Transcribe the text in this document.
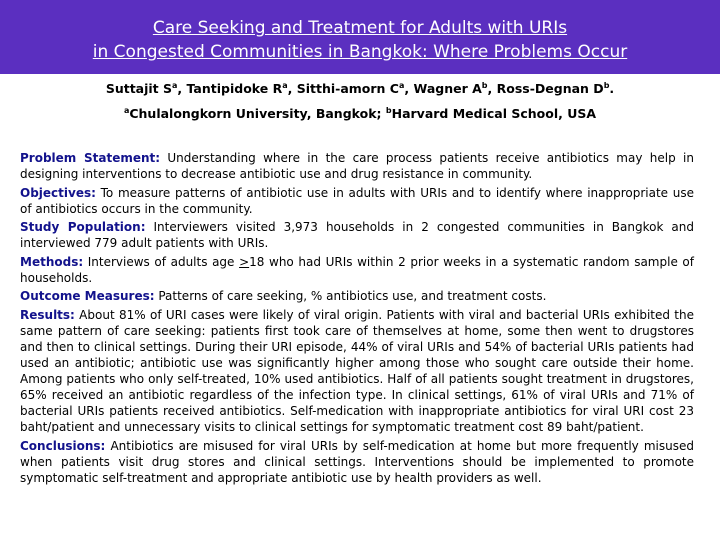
Care Seeking and Treatment for Adults with URIs
in Congested Communities in Bangkok: Where Problems Occur
Suttajit $S^a$, Tantipidoke $R^a$, Sitthi-amorn $C^a$, Wagner $A^b$, Ross-Degnan $D^b$.
$^a$Chulalongkorn University, Bangkok; $^b$Harvard Medical School, USA

Problem Statement: Understanding where in the care process patients receive antibiotics may help in designing interventions to decrease antibiotic use and drug resistance in community.

Objectives: To measure patterns of antibiotic use in adults with URIs and to identify where inappropriate use of antibiotics occurs in the community.

Study Population: Interviewers visited 3,973 households in 2 congested communities in Bangkok and interviewed 779 adult patients with URIs.

Methods: Interviews of adults age ≥18 who had URIs within 2 prior weeks in a systematic random sample of households.

Outcome Measures: Patterns of care seeking, % antibiotics use, and treatment costs.

Results: About 81% of URI cases were likely of viral origin. Patients with viral and bacterial URIs exhibited the same pattern of care seeking: patients first took care of themselves at home, some then went to drugstores and then to clinical settings. During their URI episode, 44% of viral URIs and 54% of bacterial URIs patients had used an antibiotic; antibiotic use was significantly higher among those who sought care outside their home. Among patients who only self-treated, 10% used antibiotics. Half of all patients sought treatment in drugstores, 65% received an antibiotic regardless of the infection type. In clinical settings, 61% of viral URIs and 71% of bacterial URIs patients received antibiotics. Self-medication with inappropriate antibiotics for viral URI cost 23 baht/patient and unnecessary visits to clinical settings for symptomatic treatment cost 89 baht/patient.

Conclusions: Antibiotics are misused for viral URIs by self-medication at home but more frequently misused when patients visit drug stores and clinical settings. Interventions should be implemented to promote symptomatic self-treatment and appropriate antibiotic use by health providers as well.
